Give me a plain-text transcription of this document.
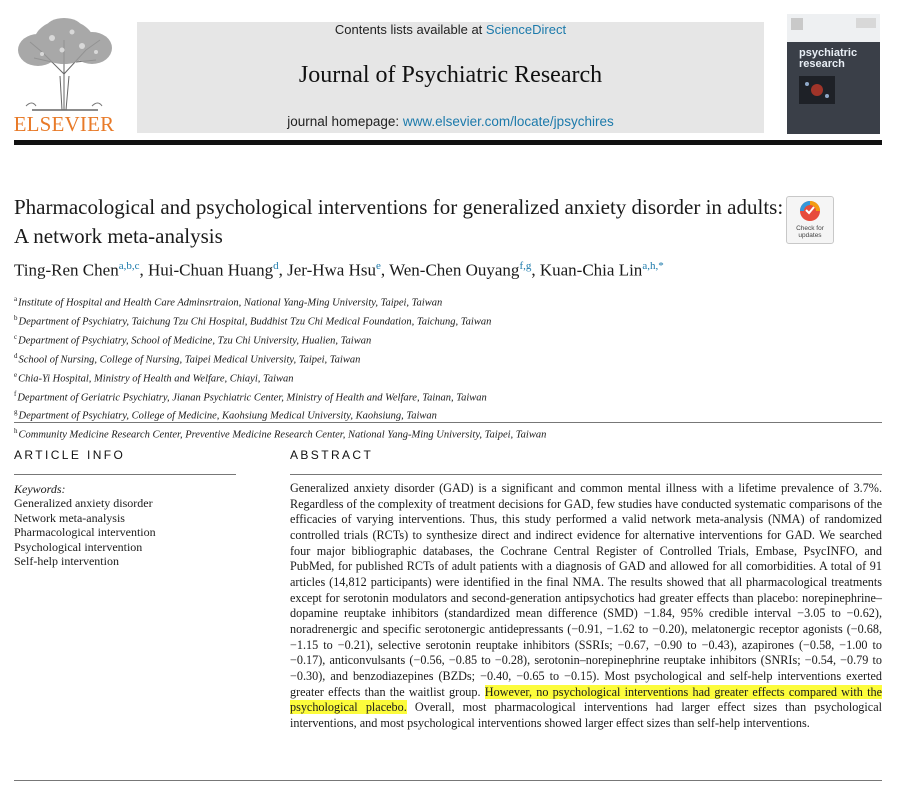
ELSEVIER
Contents lists available at ScienceDirect
Journal of Psychiatric Research
journal homepage: www.elsevier.com/locate/jpsychires
psychiatric
research
Pharmacological and psychological interventions for generalized anxiety disorder in adults: A network meta-analysis	Check for updates
Ting-Ren Chen$^{a,b,c}$, Hui-Chuan Huang$^d$, Jer-Hwa Hsu$^e$, Wen-Chen Ouyang$^{f,g}$, Kuan-Chia Lin$^{a,h,*}$
$^a$Institute of Hospital and Health Care Adminsrtraion, National Yang-Ming University, Taipei, Taiwan
$^b$Department of Psychiatry, Taichung Tzu Chi Hospital, Buddhist Tzu Chi Medical Foundation, Taichung, Taiwan
$^c$Department of Psychiatry, School of Medicine, Tzu Chi University, Hualien, Taiwan
$^d$School of Nursing, College of Nursing, Taipei Medical University, Taipei, Taiwan
$^e$Chia-Yi Hospital, Ministry of Health and Welfare, Chiayi, Taiwan
$^f$Department of Geriatric Psychiatry, Jianan Psychiatric Center, Ministry of Health and Welfare, Tainan, Taiwan
$^g$Department of Psychiatry, College of Medicine, Kaohsiung Medical University, Kaohsiung, Taiwan
$^h$Community Medicine Research Center, Preventive Medicine Research Center, National Yang-Ming University, Taipei, Taiwan
ARTICLE INFO
Keywords:
Generalized anxiety disorder
Network meta-analysis
Pharmacological intervention
Psychological intervention
Self-help intervention
ABSTRACT
Generalized anxiety disorder (GAD) is a significant and common mental illness with a lifetime prevalence of 3.7%. Regardless of the complexity of treatment decisions for GAD, few studies have conducted systematic comparisons of the efficacies of varying interventions. Thus, this study performed a valid network meta-analysis (NMA) of randomized controlled trials (RCTs) to synthesize direct and indirect evidence for alternative interventions for GAD. We searched four major bibliographic databases, the Cochrane Central Register of Controlled Trials, Embase, PsycINFO, and PubMed, for published RCTs of adult patients with a diagnosis of GAD and allowed for all comorbidities. A total of 91 articles (14,812 participants) were identified in the final NMA. The results showed that all pharmacological treatments except for serotonin modulators and second-generation antipsychotics had greater effects than placebo: norepinephrine–dopamine reuptake inhibitors (standardized mean difference (SMD) −1.84, 95% credible interval −3.05 to −0.62), noradrenergic and specific serotonergic antidepressants (−0.91, −1.62 to −0.20), melatonergic receptor agonists (−0.68, −1.15 to −0.21), selective serotonin reuptake inhibitors (SSRIs; −0.67, −0.90 to −0.43), azapirones (−0.58, −1.00 to −0.17), anticonvulsants (−0.56, −0.85 to −0.28), serotonin–norepinephrine reuptake inhibitors (SNRIs; −0.54, −0.79 to −0.30), and benzodiazepines (BZDs; −0.40, −0.65 to −0.15). Most psychological and self-help interventions exerted greater effects than the waitlist group. However, no psychological interventions had greater effects compared with the psychological placebo. Overall, most pharmacological interventions had larger effect sizes than psychological interventions, and most psychological interventions showed larger effect sizes than self-help interventions.
